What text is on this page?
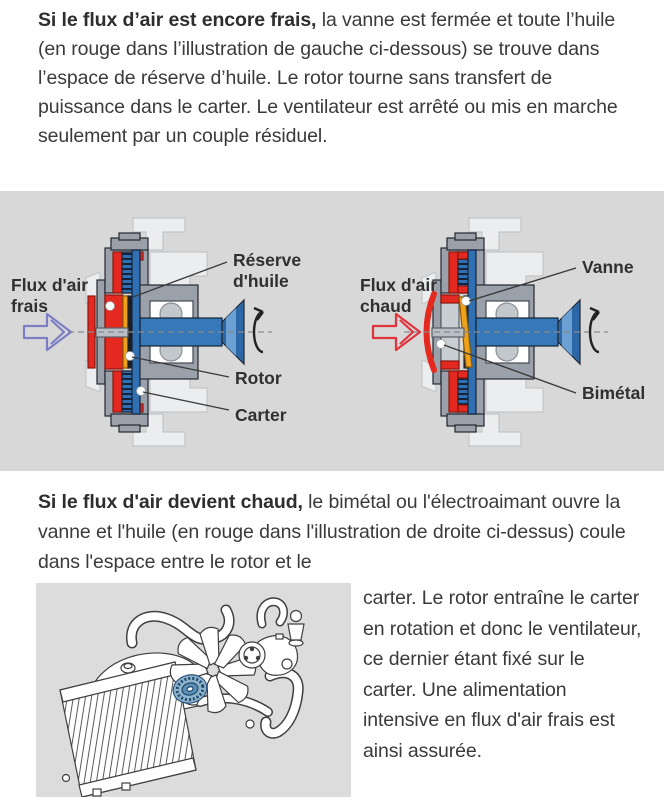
Si le flux d’air est encore frais, la vanne est fermée et toute l’huile (en rouge dans l’illustration de gauche ci-dessous) se trouve dans l’espace de réserve d’huile. Le rotor tourne sans transfert de puissance dans le carter. Le ventilateur est arrêté ou mis en marche seulement par un couple résiduel.
Flux d'air
frais
Réserve
d'huile
Rotor
Carter
Flux d'air
chaud
Vanne
Bimétal
Si le flux d'air devient chaud, le bimétal ou l'électroaimant ouvre la vanne et l'huile (en rouge dans l'illustration de droite ci-dessus) coule dans l'espace entre le rotor et le
carter. Le rotor entraîne le carter en rotation et donc le ventilateur, ce dernier étant fixé sur le carter. Une alimentation intensive en flux d'air frais est ainsi assurée.
